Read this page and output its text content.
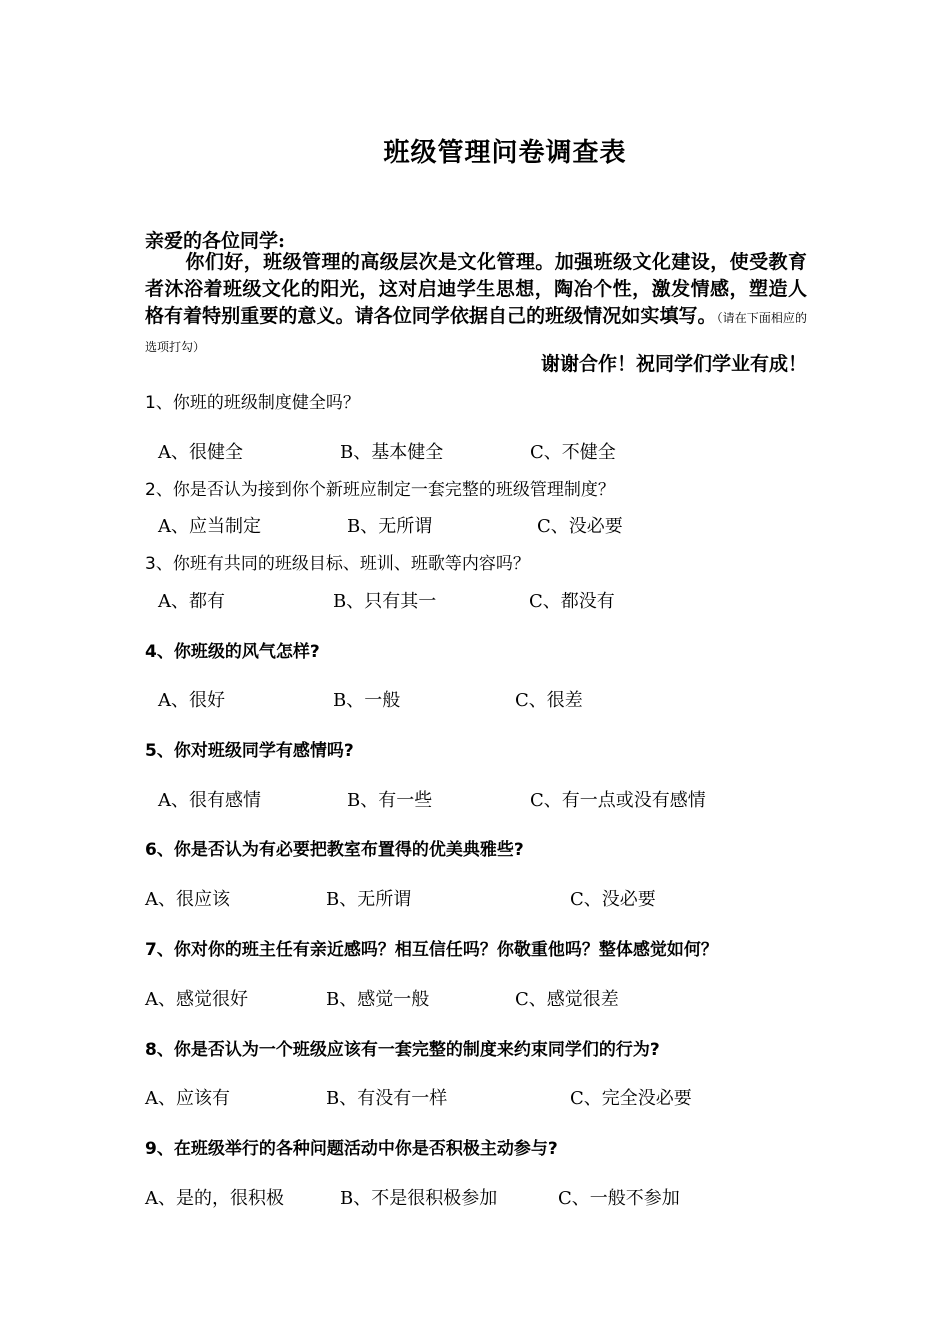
班级管理问卷调查表
亲爱的各位同学:
你们好，班级管理的高级层次是文化管理。加强班级文化建设，使受教育者沐浴着班级文化的阳光，这对启迪学生思想，陶冶个性，激发情感，塑造人格有着特别重要的意义。请各位同学依据自己的班级情况如实填写。（请在下面相应的选项打勾）
谢谢合作！祝同学们学业有成！
1、你班的班级制度健全吗？
A、很健全	B、基本健全	C、不健全
2、你是否认为接到你个新班应制定一套完整的班级管理制度？
A、应当制定	B、无所谓	C、没必要
3、你班有共同的班级目标、班训、班歌等内容吗？
A、都有	B、只有其一	C、都没有
4、你班级的风气怎样?
A、很好	B、一般	C、很差
5、你对班级同学有感情吗?
A、很有感情	B、有一些	C、有一点或没有感情
6、你是否认为有必要把教室布置得的优美典雅些?
A、很应该	B、无所谓	C、没必要
7、你对你的班主任有亲近感吗？相互信任吗？你敬重他吗？整体感觉如何？
A、感觉很好	B、感觉一般	C、感觉很差
8、你是否认为一个班级应该有一套完整的制度来约束同学们的行为?
A、应该有	B、有没有一样	C、完全没必要
9、在班级举行的各种问题活动中你是否积极主动参与?
A、是的，很积极	B、不是很积极参加	C、一般不参加
